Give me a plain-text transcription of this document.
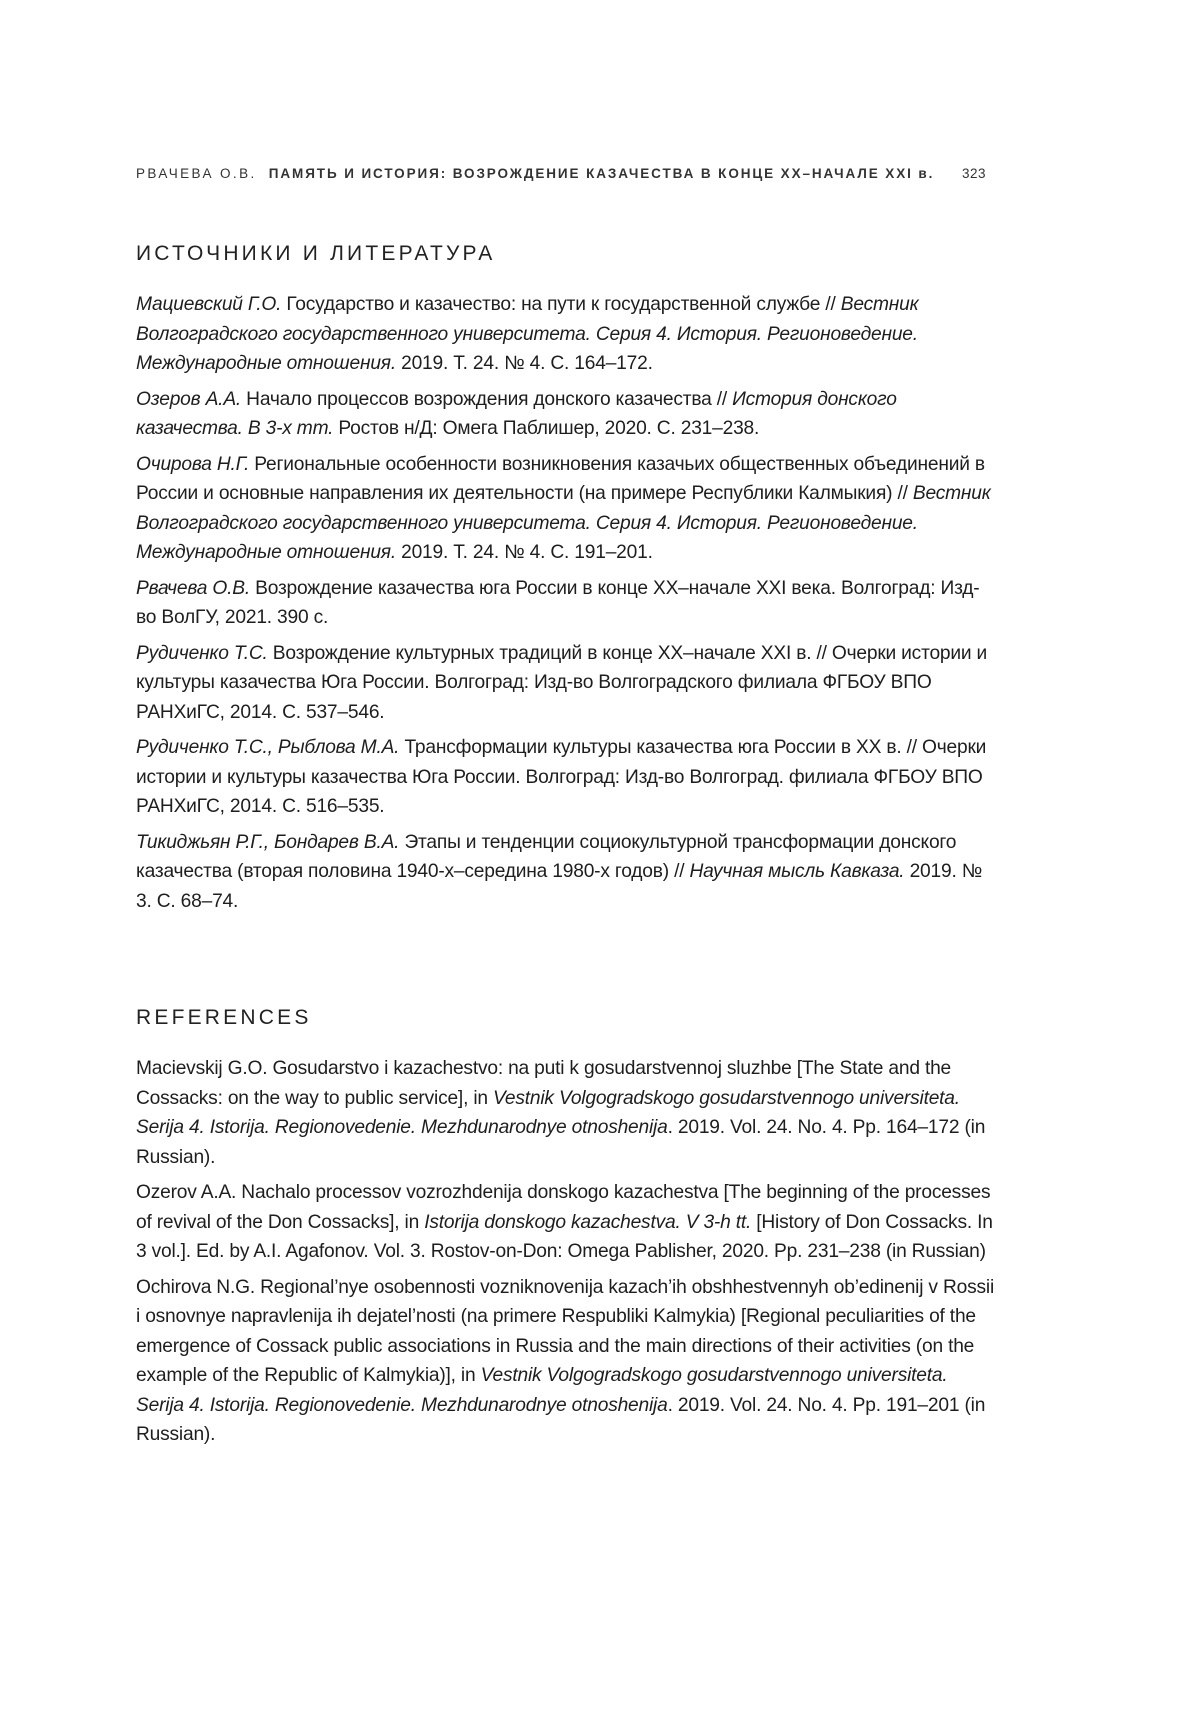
РВАЧЕВА О.В. ПАМЯТЬ И ИСТОРИЯ: ВОЗРОЖДЕНИЕ КАЗАЧЕСТВА В КОНЦЕ XX–НАЧАЛЕ XXI в. 323
ИСТОЧНИКИ И ЛИТЕРАТУРА
Мациевский Г.О. Государство и казачество: на пути к государственной службе // Вестник Волгоградского государственного университета. Серия 4. История. Регионоведение. Международные отношения. 2019. Т. 24. № 4. С. 164–172.
Озеров А.А. Начало процессов возрождения донского казачества // История донского казачества. В 3-х тт. Ростов н/Д: Омега Паблишер, 2020. С. 231–238.
Очирова Н.Г. Региональные особенности возникновения казачьих общественных объединений в России и основные направления их деятельности (на примере Республики Калмыкия) // Вестник Волгоградского государственного университета. Серия 4. История. Регионоведение. Международные отношения. 2019. Т. 24. № 4. С. 191–201.
Рвачева О.В. Возрождение казачества юга России в конце XX–начале XXI века. Волгоград: Изд-во ВолГУ, 2021. 390 с.
Рудиченко Т.С. Возрождение культурных традиций в конце XX–начале XXI в. // Очерки истории и культуры казачества Юга России. Волгоград: Изд-во Волгоградского филиала ФГБОУ ВПО РАНХиГС, 2014. С. 537–546.
Рудиченко Т.С., Рыблова М.А. Трансформации культуры казачества юга России в XX в. // Очерки истории и культуры казачества Юга России. Волгоград: Изд-во Волгоград. филиала ФГБОУ ВПО РАНХиГС, 2014. С. 516–535.
Тикиджьян Р.Г., Бондарев В.А. Этапы и тенденции социокультурной трансформации донского казачества (вторая половина 1940-х–середина 1980-х годов) // Научная мысль Кавказа. 2019. № 3. С. 68–74.
REFERENCES
Macievskij G.O. Gosudarstvo i kazachestvo: na puti k gosudarstvennoj sluzhbe [The State and the Cossacks: on the way to public service], in Vestnik Volgogradskogo gosudarstvennogo universiteta. Serija 4. Istorija. Regionovedenie. Mezhdunarodnye otnoshenija. 2019. Vol. 24. No. 4. Pp. 164–172 (in Russian).
Ozerov A.A. Nachalo processov vozrozhdenija donskogo kazachestva [The beginning of the processes of revival of the Don Cossacks], in Istorija donskogo kazachestva. V 3-h tt. [History of Don Cossacks. In 3 vol.]. Ed. by A.I. Agafonov. Vol. 3. Rostov-on-Don: Omega Pablisher, 2020. Pp. 231–238 (in Russian)
Ochirova N.G. Regional’nye osobennosti vozniknovenija kazach’ih obshhestvennyh ob’edinenij v Rossii i osnovnye napravlenija ih dejatel’nosti (na primere Respubliki Kalmykia) [Regional peculiarities of the emergence of Cossack public associations in Russia and the main directions of their activities (on the example of the Republic of Kalmykia)], in Vestnik Volgogradskogo gosudarstvennogo universiteta. Serija 4. Istorija. Regionovedenie. Mezhdunarodnye otnoshenija. 2019. Vol. 24. No. 4. Pp. 191–201 (in Russian).
